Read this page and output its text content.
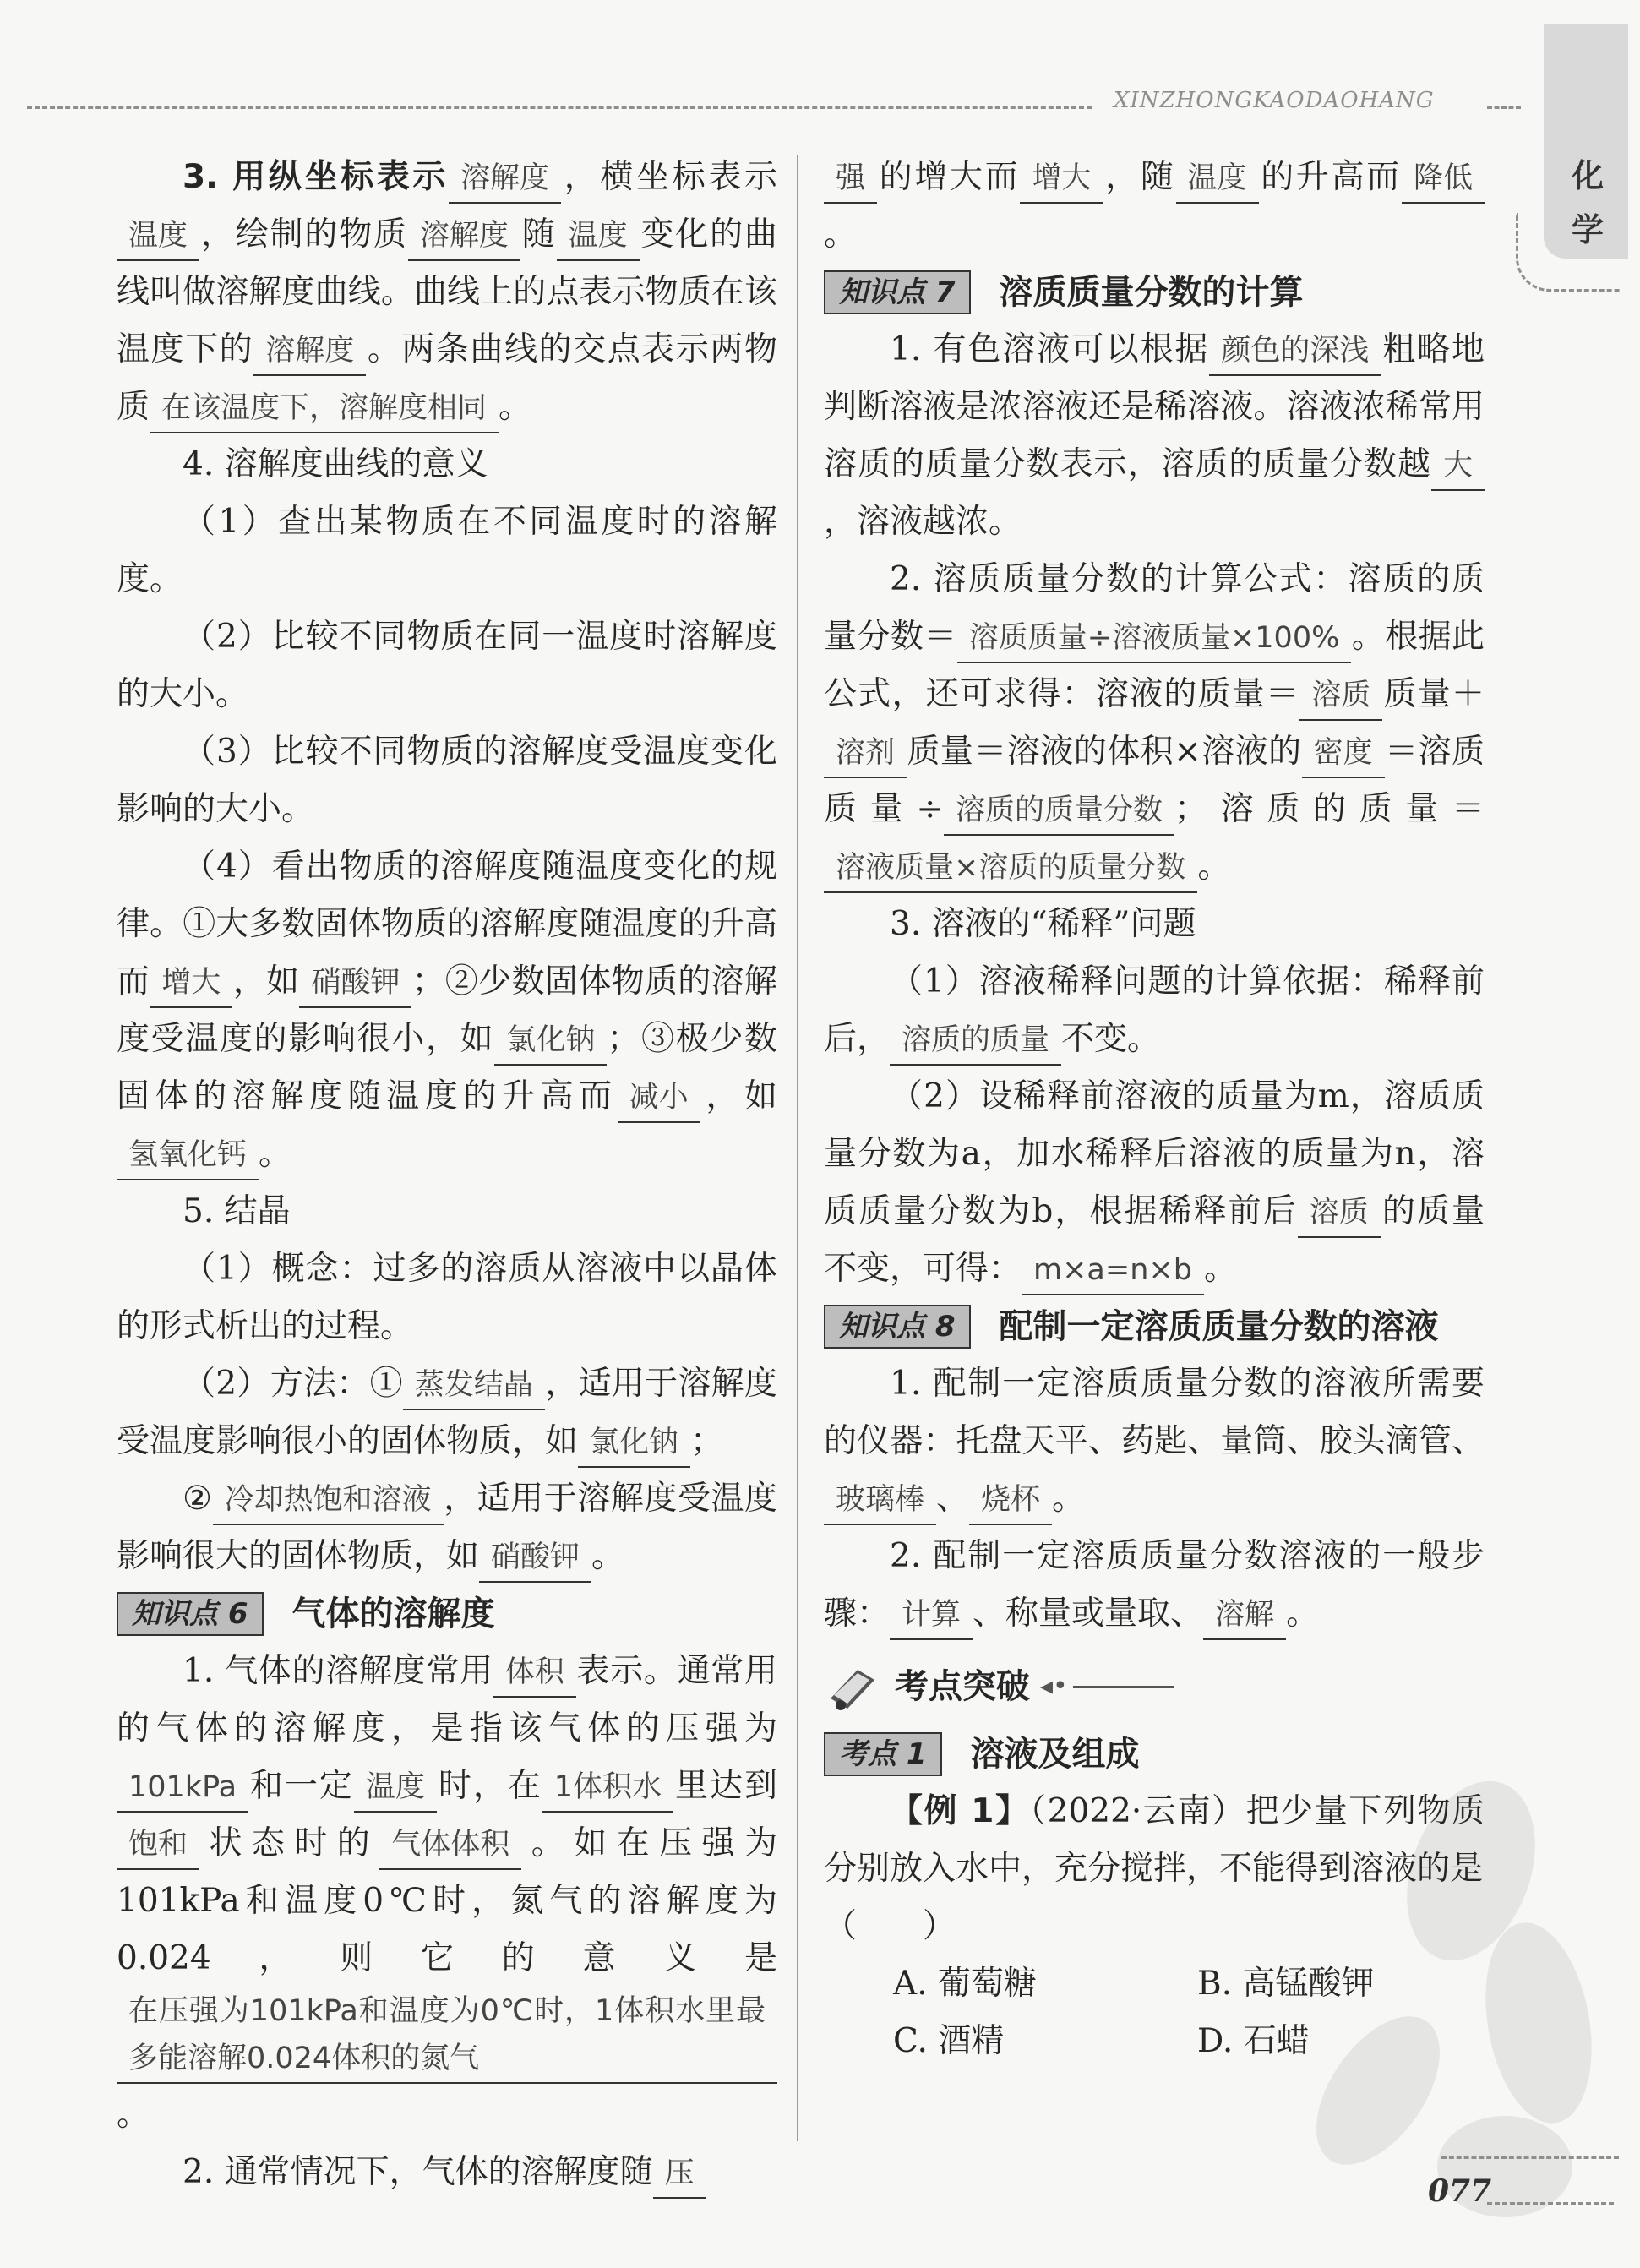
XINZHONGKAODAOHANG
化学

3. 用纵坐标表示 溶解度 ，横坐标表示温度 ，绘制的物质 溶解度 随 温度 变化的曲线叫做溶解度曲线。曲线上的点表示物质在该温度下的 溶解度 。两条曲线的交点表示两物质 在该温度下，溶解度相同 。

4. 溶解度曲线的意义

（1）查出某物质在不同温度时的溶解度。

（2）比较不同物质在同一温度时溶解度的大小。

（3）比较不同物质的溶解度受温度变化影响的大小。

（4）看出物质的溶解度随温度变化的规律。①大多数固体物质的溶解度随温度的升高而 增大 ，如 硝酸钾 ；②少数固体物质的溶解度受温度的影响很小，如 氯化钠 ；③极少数固体的溶解度随温度的升高而 减小 ，如氢氧化钙 。

5. 结晶

（1）概念：过多的溶质从溶液中以晶体的形式析出的过程。

（2）方法：① 蒸发结晶 ，适用于溶解度受温度影响很小的固体物质，如 氯化钠 ；

② 冷却热饱和溶液 ，适用于溶解度受温度影响很大的固体物质，如 硝酸钾 。

知识点 6	气体的溶解度

1. 气体的溶解度常用 体积 表示。通常用的气体的溶解度，是指该气体的压强为101kPa 和一定 温度 时，在 1体积水 里达到饱和 状态时的 气体体积 。如在压强为101kPa和温度0℃时，氮气的溶解度为0.024，则它的意义是在压强为101kPa和温度为0℃时，1体积水里最多能溶解0.024体积的氮气。

2. 通常情况下，气体的溶解度随 压

强 的增大而 增大 ，随 温度 的升高而 降低。

知识点 7	溶质质量分数的计算

1. 有色溶液可以根据 颜色的深浅 粗略地判断溶液是浓溶液还是稀溶液。溶液浓稀常用溶质的质量分数表示，溶质的质量分数越 大，溶液越浓。

2. 溶质质量分数的计算公式：溶质的质量分数＝ 溶质质量÷溶液质量×100% 。根据此公式，还可求得：溶液的质量＝ 溶质 质量＋溶剂 质量＝溶液的体积×溶液的 密度 ＝溶质质量÷ 溶质的质量分数 ；溶质的质量＝溶液质量×溶质的质量分数 。

3. 溶液的“稀释”问题

（1）溶液稀释问题的计算依据：稀释前后， 溶质的质量 不变。

（2）设稀释前溶液的质量为m，溶质质量分数为a，加水稀释后溶液的质量为n，溶质质量分数为b，根据稀释前后 溶质 的质量不变，可得： m×a=n×b 。

知识点 8	配制一定溶质质量分数的溶液

1. 配制一定溶质质量分数的溶液所需要的仪器：托盘天平、药匙、量筒、胶头滴管、玻璃棒 、 烧杯 。

2. 配制一定溶质质量分数溶液的一般步骤： 计算 、称量或量取、 溶解 。

考点突破 ◂•

考点 1	溶液及组成

【例 1】（2022·云南）把少量下列物质分别放入水中，充分搅拌，不能得到溶液的是

（　　）

A. 葡萄糖	B. 高锰酸钾
C. 酒精	D. 石蜡
077
